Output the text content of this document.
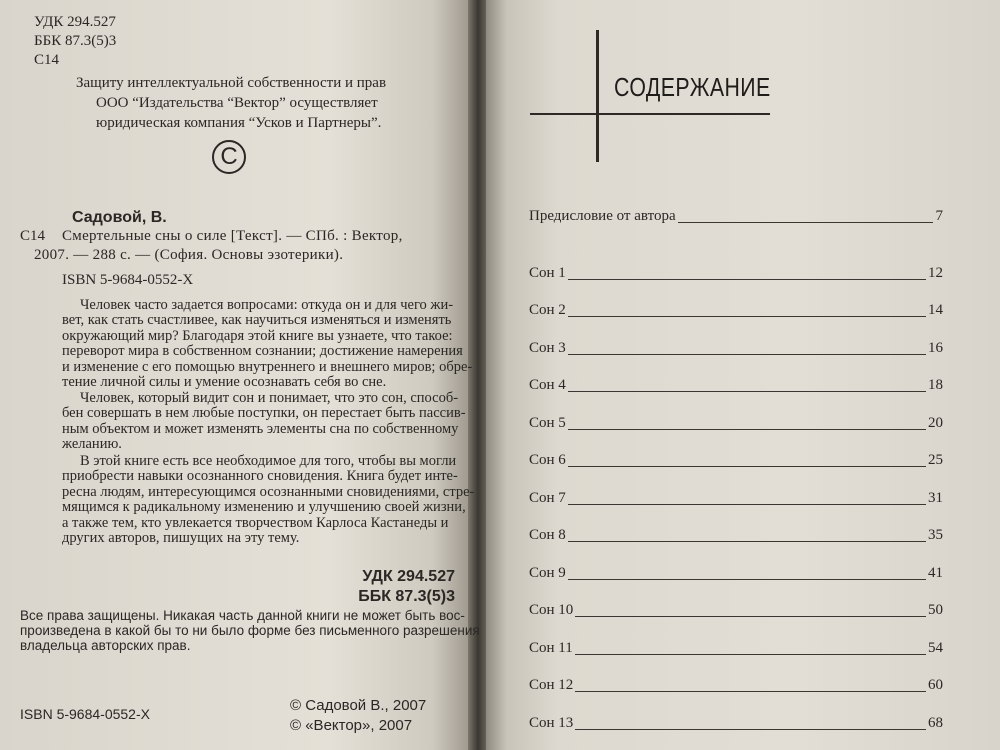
УДК 294.527
ББК 87.3(5)3
С14
Защиту интеллектуальной собственности и прав
ООО “Издательства “Вектор” осуществляет
юридическая компания “Усков и Партнеры”.
C
Садовой, В.
С14 Смертельные сны о силе [Текст]. — СПб. : Вектор,
2007. — 288 с. — (София. Основы эзотерики).
ISBN 5-9684-0552-X
Человек часто задается вопросами: откуда он и для чего жи-
вет, как стать счастливее, как научиться изменяться и изменять
окружающий мир? Благодаря этой книге вы узнаете, что такое:
переворот мира в собственном сознании; достижение намерения
и изменение с его помощью внутреннего и внешнего миров; обре-
тение личной силы и умение осознавать себя во сне.
Человек, который видит сон и понимает, что это сон, способ-
бен совершать в нем любые поступки, он перестает быть пассив-
ным объектом и может изменять элементы сна по собственному
желанию.
В этой книге есть все необходимое для того, чтобы вы могли
приобрести навыки осознанного сновидения. Книга будет инте-
ресна людям, интересующимся осознанными сновидениями, стре-
мящимся к радикальному изменению и улучшению своей жизни,
а также тем, кто увлекается творчеством Карлоса Кастанеды и
других авторов, пишущих на эту тему.
УДК 294.527
ББК 87.3(5)3
Все права защищены. Никакая часть данной книги не может быть вос-
произведена в какой бы то ни было форме без письменного разрешения
владельца авторских прав.
ISBN 5-9684-0552-X	© Садовой В., 2007
© «Вектор», 2007
СОДЕРЖАНИЕ
Предисловие от автора	7
Сон 1	12
Сон 2	14
Сон 3	16
Сон 4	18
Сон 5	20
Сон 6	25
Сон 7	31
Сон 8	35
Сон 9	41
Сон 10	50
Сон 11	54
Сон 12	60
Сон 13	68
